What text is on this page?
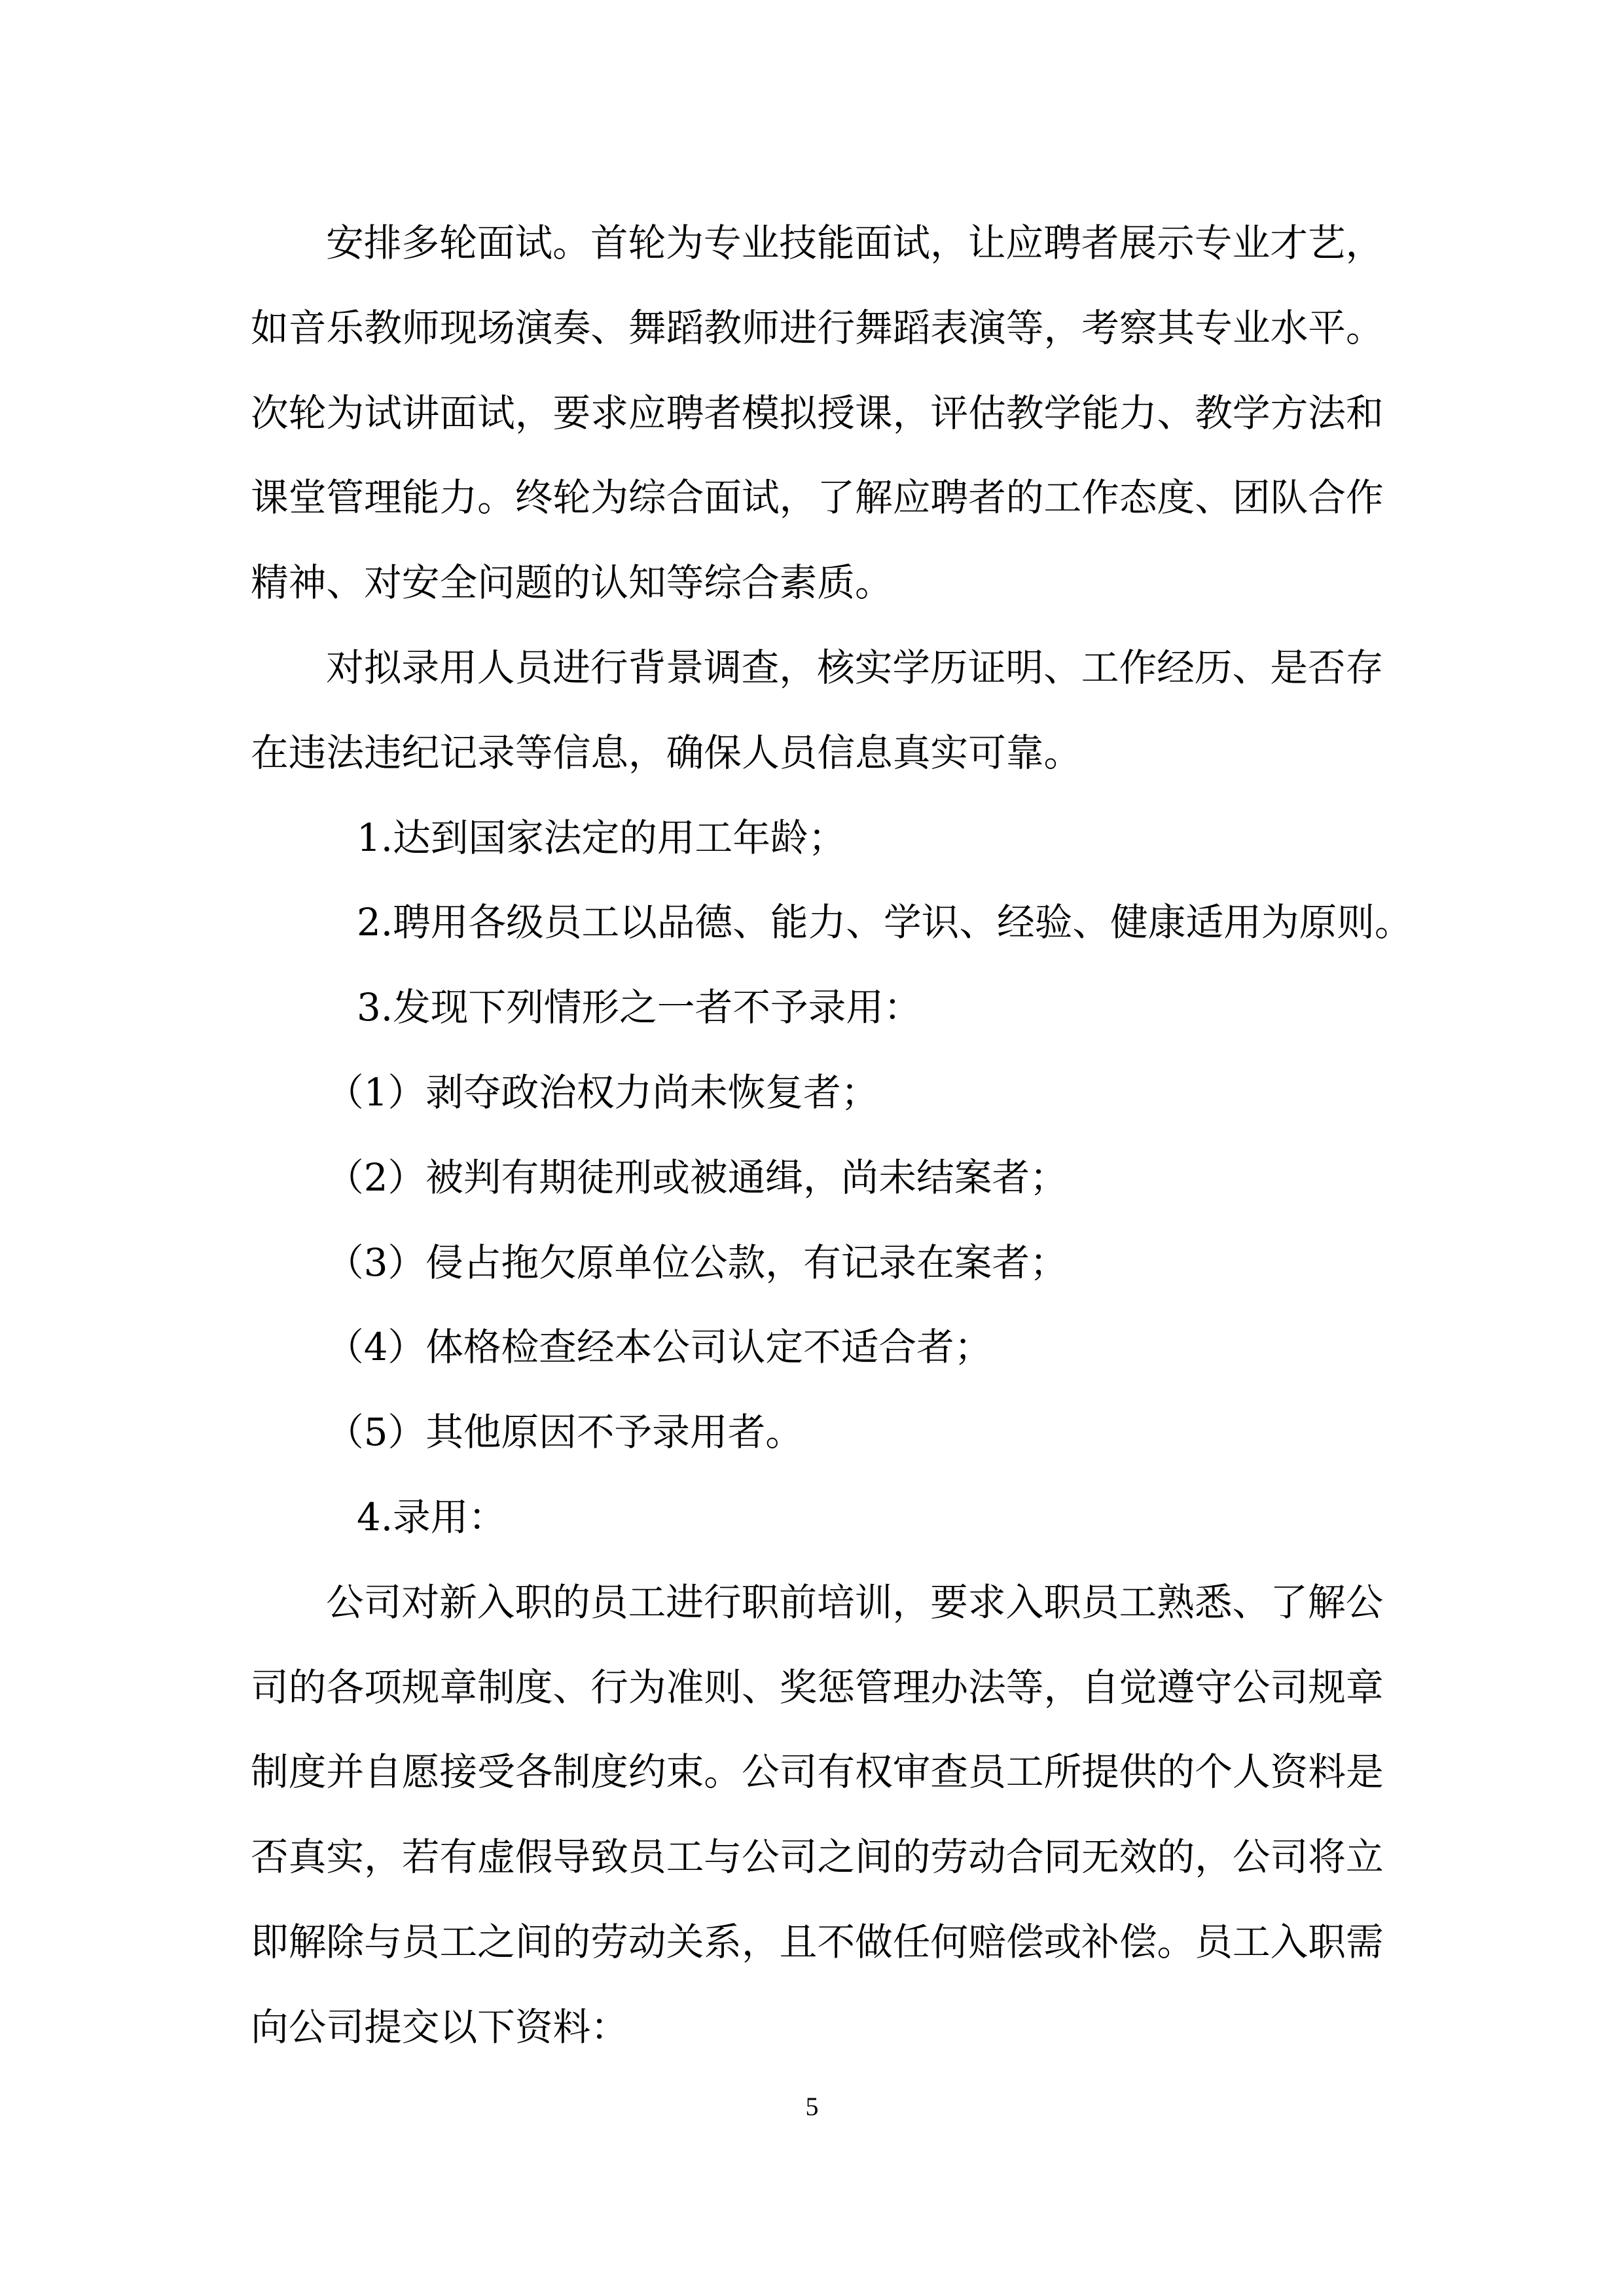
安排多轮面试。首轮为专业技能面试，让应聘者展示专业才艺，
如音乐教师现场演奏、舞蹈教师进行舞蹈表演等，考察其专业水平。
次轮为试讲面试，要求应聘者模拟授课，评估教学能力、教学方法和
课堂管理能力。终轮为综合面试，了解应聘者的工作态度、团队合作
精神、对安全问题的认知等综合素质。
对拟录用人员进行背景调查，核实学历证明、工作经历、是否存
在违法违纪记录等信息，确保人员信息真实可靠。
1.达到国家法定的用工年龄；
2.聘用各级员工以品德、能力、学识、经验、健康适用为原则。
3.发现下列情形之一者不予录用：
（1）剥夺政治权力尚未恢复者；
（2）被判有期徒刑或被通缉，尚未结案者；
（3）侵占拖欠原单位公款，有记录在案者；
（4）体格检查经本公司认定不适合者；
（5）其他原因不予录用者。
4.录用：
公司对新入职的员工进行职前培训，要求入职员工熟悉、了解公
司的各项规章制度、行为准则、奖惩管理办法等，自觉遵守公司规章
制度并自愿接受各制度约束。公司有权审查员工所提供的个人资料是
否真实，若有虚假导致员工与公司之间的劳动合同无效的，公司将立
即解除与员工之间的劳动关系，且不做任何赔偿或补偿。员工入职需
向公司提交以下资料：
5
